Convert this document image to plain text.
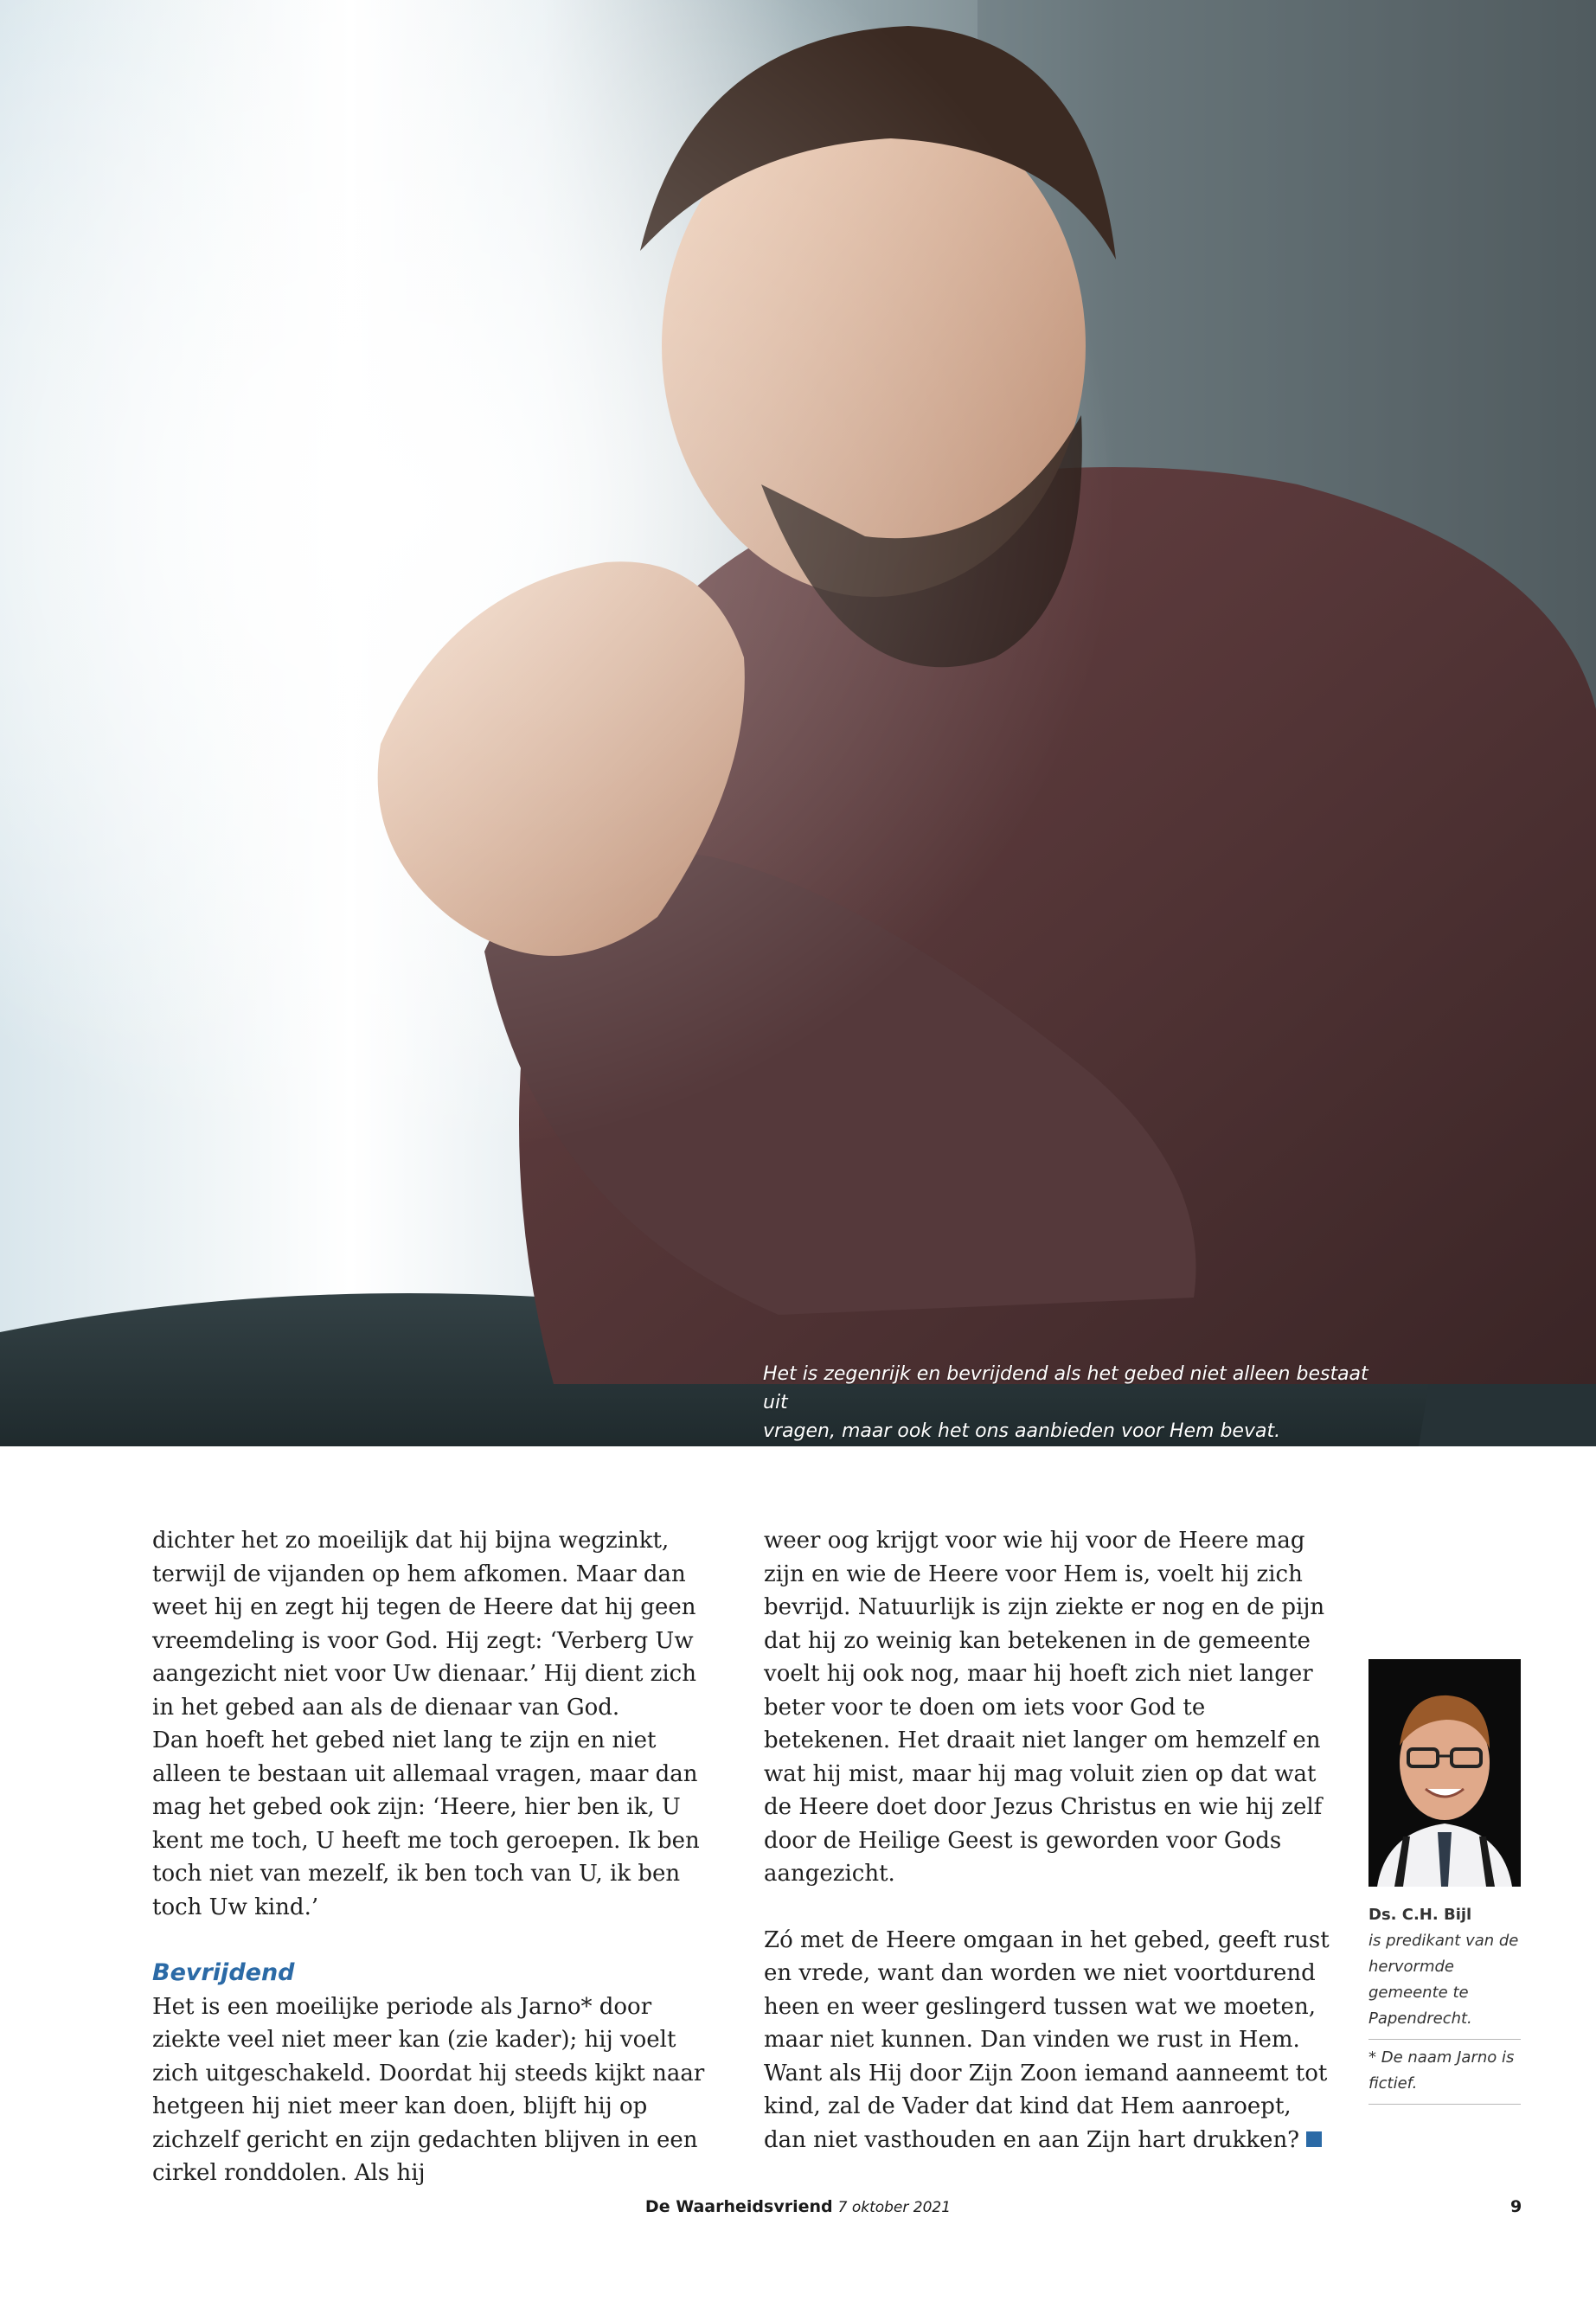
Het is zegenrijk en bevrijdend als het gebed niet alleen bestaat uit
vragen, maar ook het ons aanbieden voor Hem bevat.

dichter het zo moeilijk dat hij bijna wegzinkt, terwijl de vijanden op hem afkomen. Maar dan weet hij en zegt hij tegen de Heere dat hij geen vreemdeling is voor God. Hij zegt: ‘Verberg Uw aangezicht niet voor Uw dienaar.’ Hij dient zich in het gebed aan als de dienaar van God.

Dan hoeft het gebed niet lang te zijn en niet alleen te bestaan uit allemaal vragen, maar dan mag het gebed ook zijn: ‘Heere, hier ben ik, U kent me toch, U heeft me toch geroepen. Ik ben toch niet van mezelf, ik ben toch van U, ik ben toch Uw kind.’

Bevrijdend

Het is een moeilijke periode als Jarno* door ziekte veel niet meer kan (zie kader); hij voelt zich uitgeschakeld. Doordat hij steeds kijkt naar hetgeen hij niet meer kan doen, blijft hij op zichzelf gericht en zijn gedachten blijven in een cirkel ronddolen. Als hij

weer oog krijgt voor wie hij voor de Heere mag zijn en wie de Heere voor Hem is, voelt hij zich bevrijd. Natuurlijk is zijn ziekte er nog en de pijn dat hij zo weinig kan betekenen in de gemeente voelt hij ook nog, maar hij hoeft zich niet langer beter voor te doen om iets voor God te betekenen. Het draait niet langer om hemzelf en wat hij mist, maar hij mag voluit zien op dat wat de Heere doet door Jezus Christus en wie hij zelf door de Heilige Geest is geworden voor Gods aangezicht.

Zó met de Heere omgaan in het gebed, geeft rust en vrede, want dan worden we niet voortdurend heen en weer geslingerd tussen wat we moeten, maar niet kunnen. Dan vinden we rust in Hem. Want als Hij door Zijn Zoon iemand aanneemt tot kind, zal de Vader dat kind dat Hem aanroept, dan niet vasthouden en aan Zijn hart drukken?

Ds. C.H. Bijl

is predikant van de hervormde gemeente te Papendrecht.

* De naam Jarno is fictief.

De Waarheidsvriend 7 oktober 2021	9
